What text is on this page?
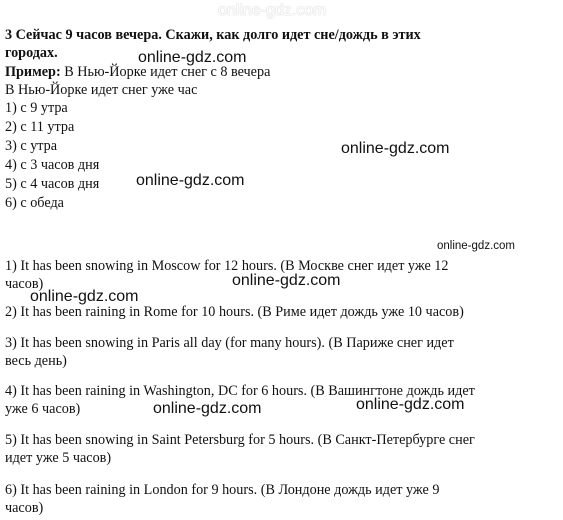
online-gdz.com
3 Сейчас 9 часов вечера. Скажи, как долго идет сне/дождь в этих
городах.
Пример: В Нью-Йорке идет снег с 8 вечера
В Нью-Йорке идет снег уже час
1) с 9 утра
2) с 11 утра
3) с утра
4) с 3 часов дня
5) с 4 часов дня
6) с обеда
online-gdz.com
online-gdz.com
online-gdz.com
online-gdz.com
online-gdz.com
online-gdz.com
online-gdz.com	online-gdz.com
1) It has been snowing in Moscow for 12 hours. (В Москве снег идет уже 12
часов)
2) It has been raining in Rome for 10 hours. (В Риме идет дождь уже 10 часов)
3) It has been snowing in Paris all day (for many hours). (В Париже снег идет
весь день)
4) It has been raining in Washington, DC for 6 hours. (В Вашингтоне дождь идет
уже 6 часов)
5) It has been snowing in Saint Petersburg for 5 hours. (В Санкт-Петербурге снег
идет уже 5 часов)
6) It has been raining in London for 9 hours. (В Лондоне дождь идет уже 9
часов)
